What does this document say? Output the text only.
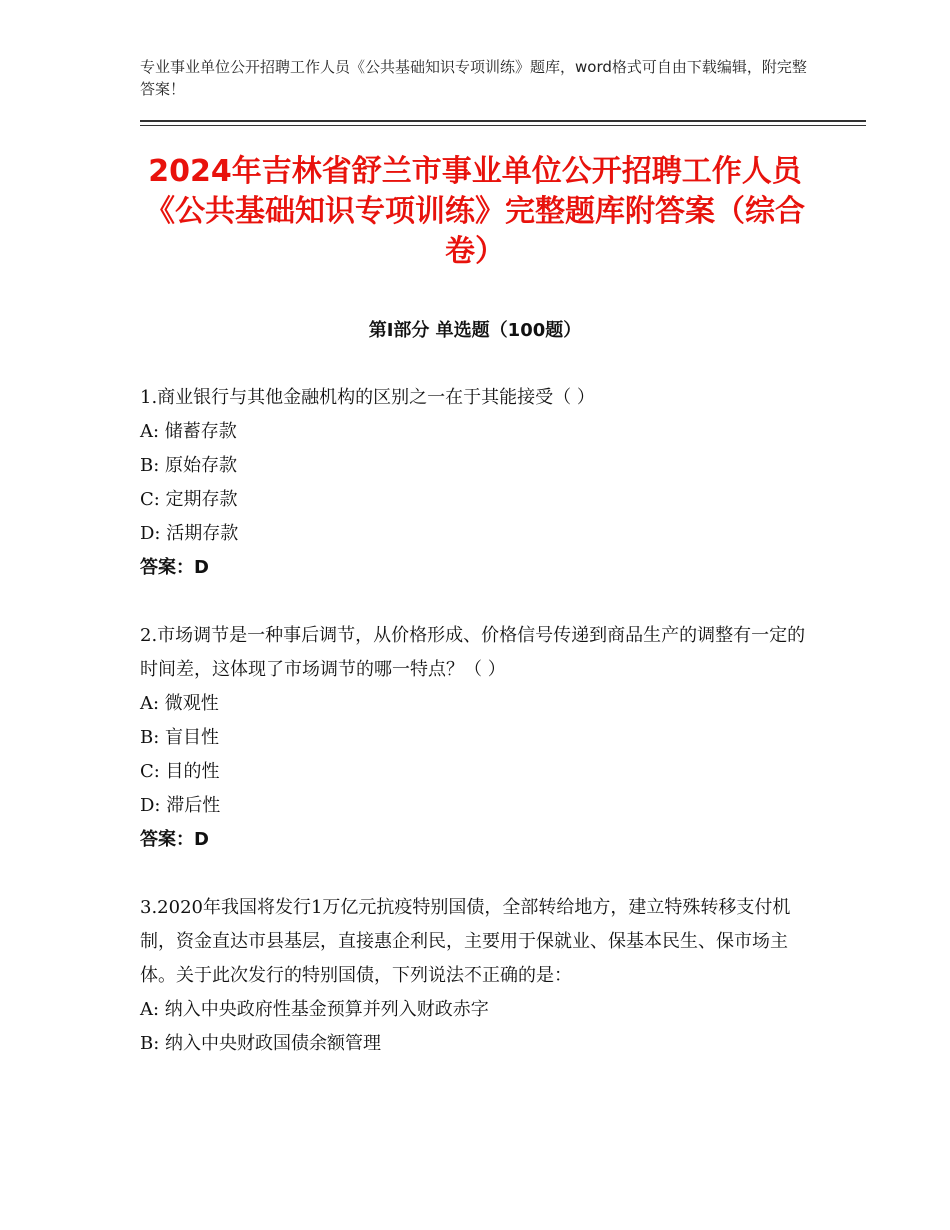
专业事业单位公开招聘工作人员《公共基础知识专项训练》题库，word格式可自由下载编辑，附完整答案！
2024年吉林省舒兰市事业单位公开招聘工作人员《公共基础知识专项训练》完整题库附答案（综合卷）
第Ⅰ部分 单选题（100题）

1.商业银行与其他金融机构的区别之一在于其能接受（ ）

A: 储蓄存款
B: 原始存款
C: 定期存款
D: 活期存款
答案：D

2.市场调节是一种事后调节，从价格形成、价格信号传递到商品生产的调整有一定的时间差，这体现了市场调节的哪一特点？（ ）

A: 微观性
B: 盲目性
C: 目的性
D: 滞后性
答案：D

3.2020年我国将发行1万亿元抗疫特别国债，全部转给地方，建立特殊转移支付机制，资金直达市县基层，直接惠企利民，主要用于保就业、保基本民生、保市场主体。关于此次发行的特别国债，下列说法不正确的是：

A: 纳入中央政府性基金预算并列入财政赤字
B: 纳入中央财政国债余额管理
